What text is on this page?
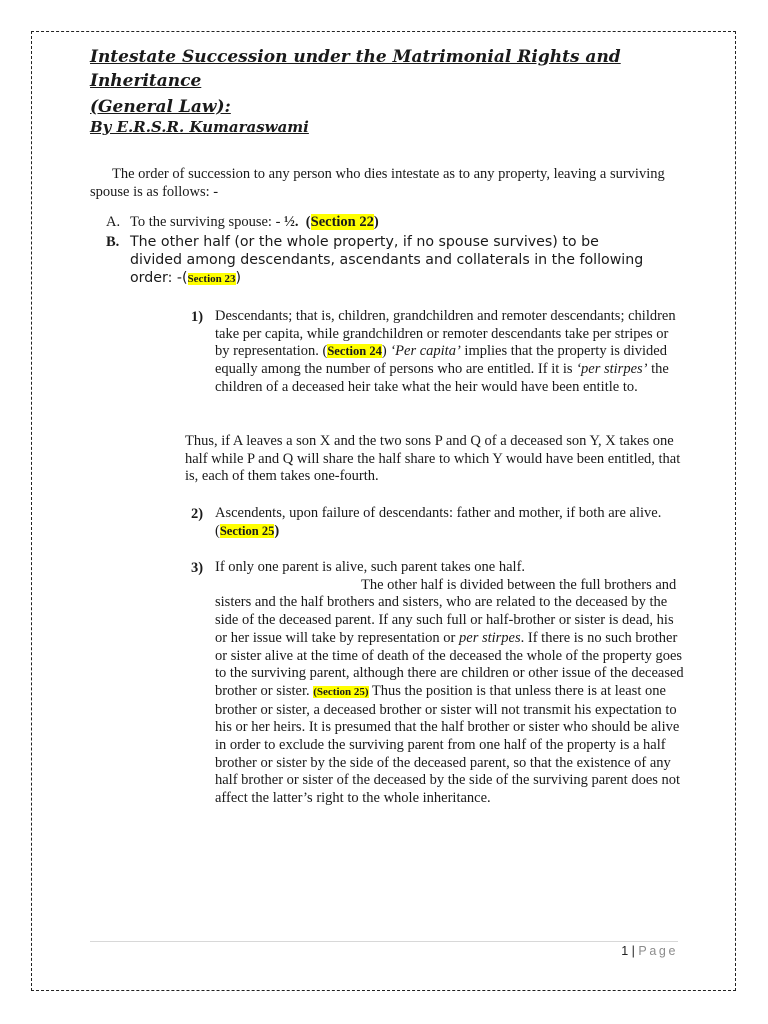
Intestate Succession under the Matrimonial Rights and
Inheritance
(General Law):
By E.R.S.R. Kumaraswami
The order of succession to any person who dies intestate as to any property, leaving a surviving spouse is as follows: -
A. To the surviving spouse: - ½. (Section 22)
B. The other half (or the whole property, if no spouse survives) to be divided among descendants, ascendants and collaterals in the following order: -(Section 23)
1) Descendants; that is, children, grandchildren and remoter descendants; children take per capita, while grandchildren or remoter descendants take per stripes or by representation. (Section 24) ‘Per capita’ implies that the property is divided equally among the number of persons who are entitled. If it is ‘per stirpes’ the children of a deceased heir take what the heir would have been entitle to.
Thus, if A leaves a son X and the two sons P and Q of a deceased son Y, X takes one half while P and Q will share the half share to which Y would have been entitled, that is, each of them takes one-fourth.
2) Ascendents, upon failure of descendants: father and mother, if both are alive. (Section 25)
3) If only one parent is alive, such parent takes one half.
The other half is divided between the full brothers and sisters and the half brothers and sisters, who are related to the deceased by the side of the deceased parent. If any such full or half-brother or sister is dead, his or her issue will take by representation or per stirpes. If there is no such brother or sister alive at the time of death of the deceased the whole of the property goes to the surviving parent, although there are children or other issue of the deceased brother or sister. (Section 25) Thus the position is that unless there is at least one brother or sister, a deceased brother or sister will not transmit his expectation to his or her heirs. It is presumed that the half brother or sister who should be alive in order to exclude the surviving parent from one half of the property is a half brother or sister by the side of the deceased parent, so that the existence of any half brother or sister of the deceased by the side of the surviving parent does not affect the latter’s right to the whole inheritance.
1 | Page
